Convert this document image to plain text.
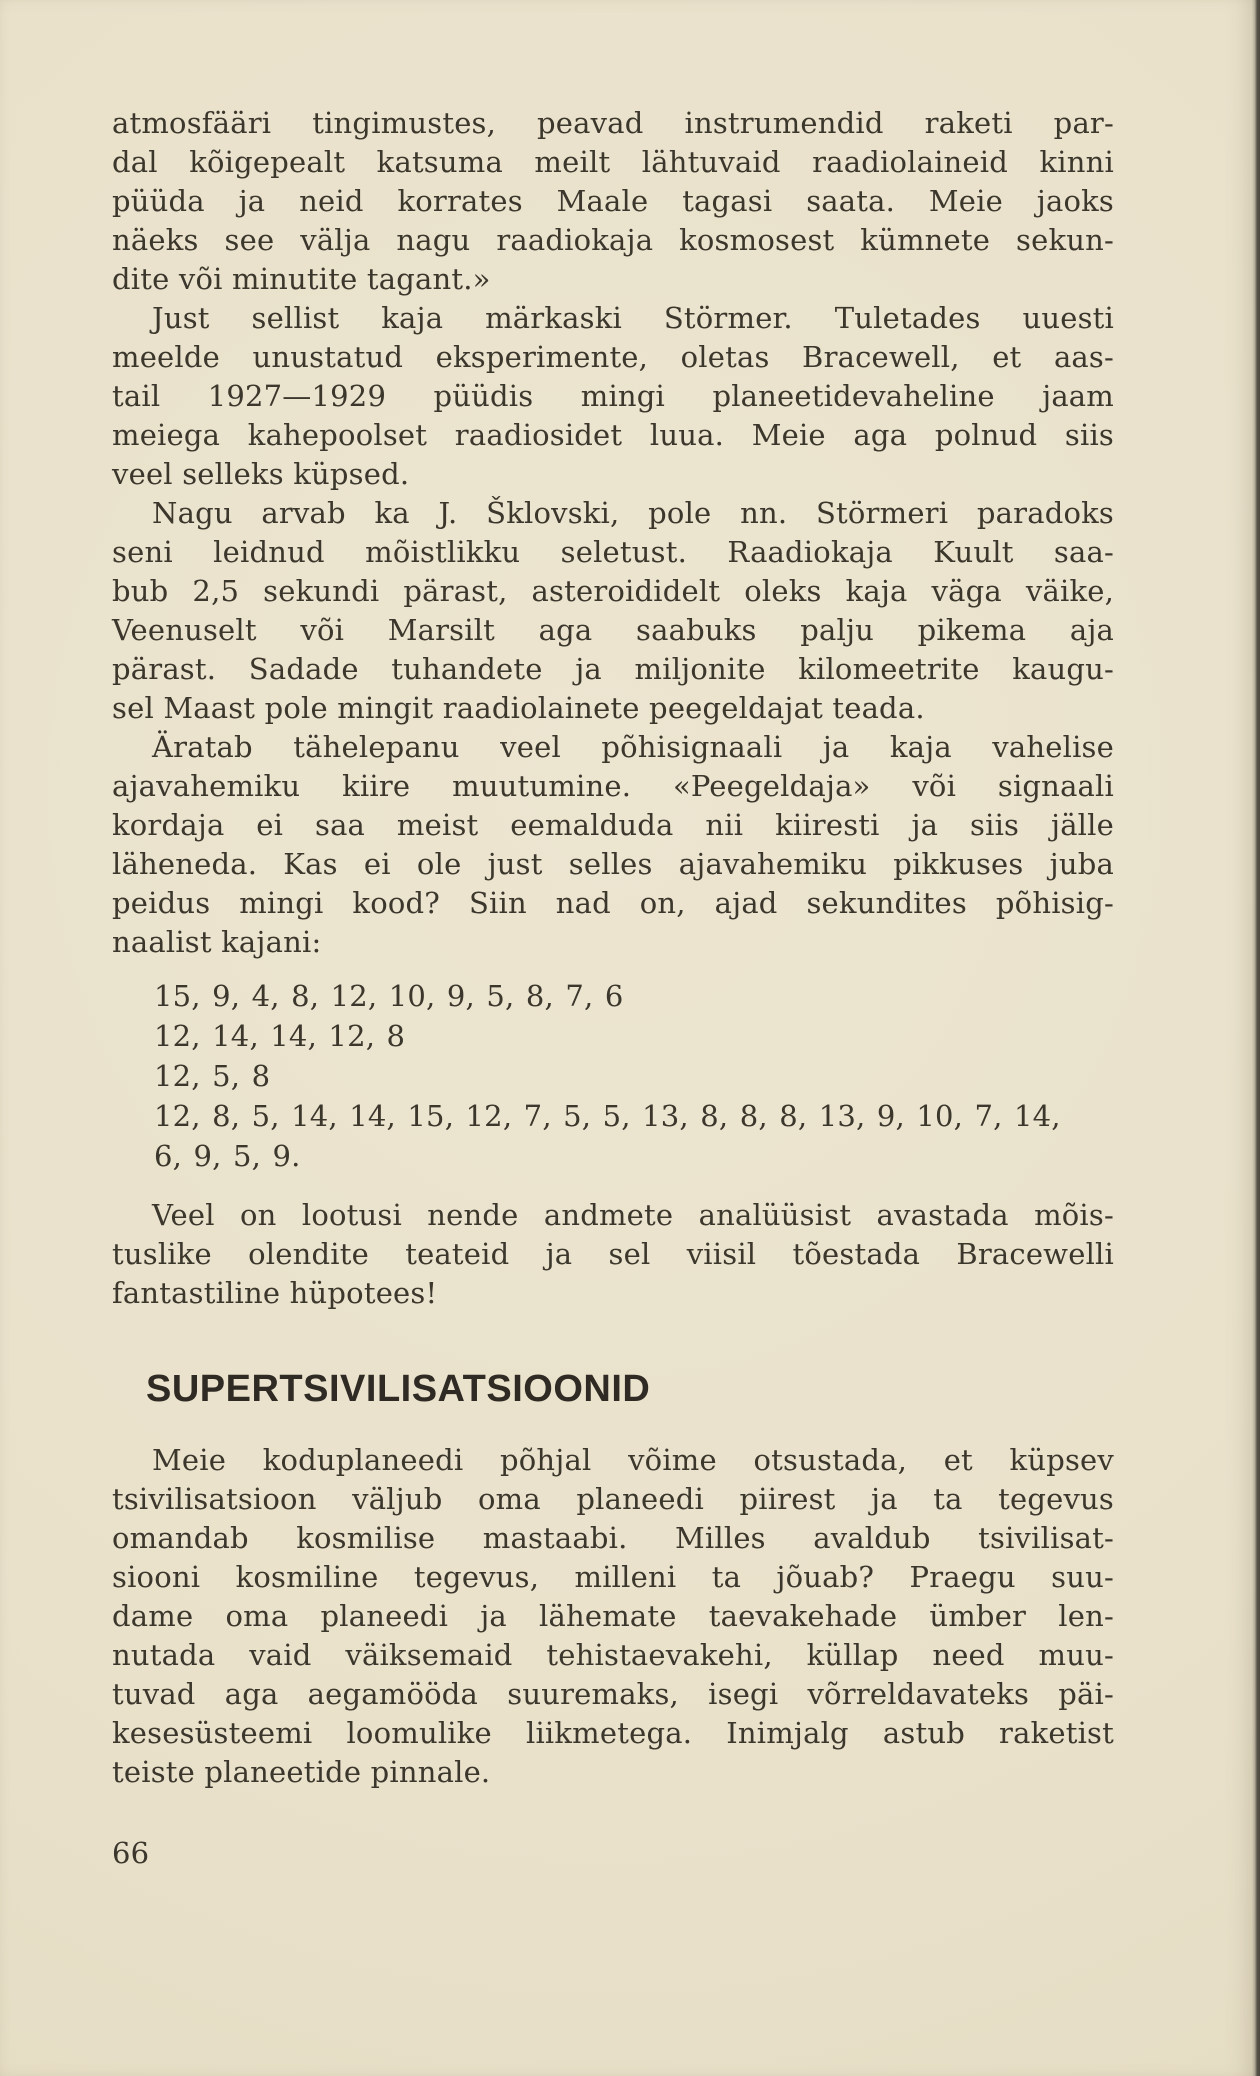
atmosfääri tingimustes, peavad instrumendid raketi par-
dal kõigepealt katsuma meilt lähtuvaid raadiolaineid kinni
püüda ja neid korrates Maale tagasi saata. Meie jaoks
näeks see välja nagu raadiokaja kosmosest kümnete sekun-
dite või minutite tagant.»
Just sellist kaja märkaski Störmer. Tuletades uuesti
meelde unustatud eksperimente, oletas Bracewell, et aas-
tail 1927—1929 püüdis mingi planeetidevaheline jaam
meiega kahepoolset raadiosidet luua. Meie aga polnud siis
veel selleks küpsed.
Nagu arvab ka J. Šklovski, pole nn. Störmeri paradoks
seni leidnud mõistlikku seletust. Raadiokaja Kuult saa-
bub 2,5 sekundi pärast, asteroididelt oleks kaja väga väike,
Veenuselt või Marsilt aga saabuks palju pikema aja
pärast. Sadade tuhandete ja miljonite kilomeetrite kaugu-
sel Maast pole mingit raadiolainete peegeldajat teada.
Äratab tähelepanu veel põhisignaali ja kaja vahelise
ajavahemiku kiire muutumine. «Peegeldaja» või signaali
kordaja ei saa meist eemalduda nii kiiresti ja siis jälle
läheneda. Kas ei ole just selles ajavahemiku pikkuses juba
peidus mingi kood? Siin nad on, ajad sekundites põhisig-
naalist kajani:
15, 9, 4, 8, 12, 10, 9, 5, 8, 7, 6
12, 14, 14, 12, 8
12, 5, 8
12, 8, 5, 14, 14, 15, 12, 7, 5, 5, 13, 8, 8, 8, 13, 9, 10, 7, 14,
6, 9, 5, 9.
Veel on lootusi nende andmete analüüsist avastada mõis-
tuslike olendite teateid ja sel viisil tõestada Bracewelli
fantastiline hüpotees!
SUPERTSIVILISATSIOONID
Meie koduplaneedi põhjal võime otsustada, et küpsev
tsivilisatsioon väljub oma planeedi piirest ja ta tegevus
omandab kosmilise mastaabi. Milles avaldub tsivilisat-
siooni kosmiline tegevus, milleni ta jõuab? Praegu suu-
dame oma planeedi ja lähemate taevakehade ümber len-
nutada vaid väiksemaid tehistaevakehi, küllap need muu-
tuvad aga aegamööda suuremaks, isegi võrreldavateks päi-
kesesüsteemi loomulike liikmetega. Inimjalg astub raketist
teiste planeetide pinnale.
66
